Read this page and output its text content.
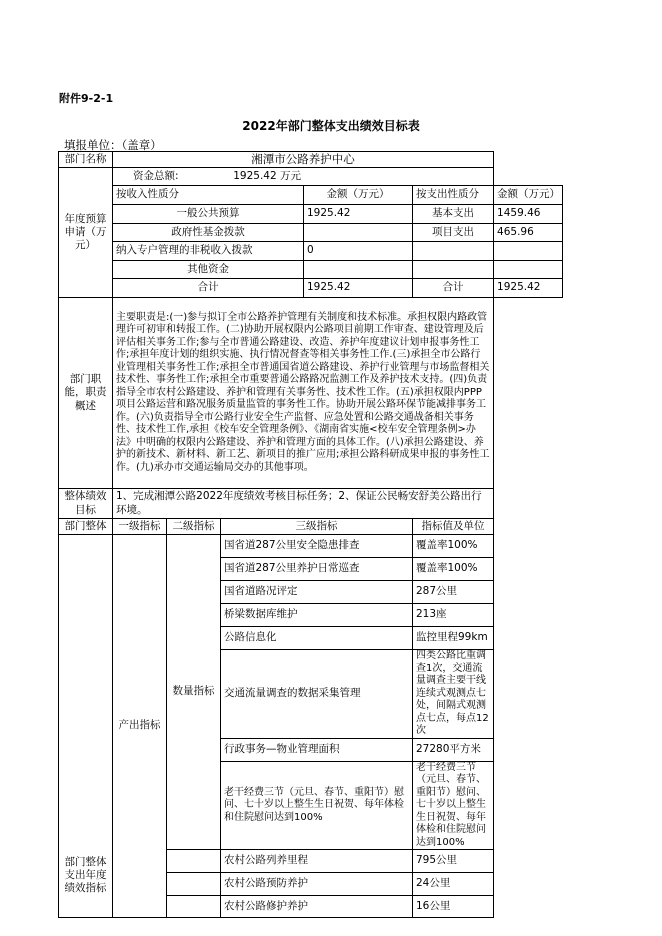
附件9-2-1
2022年部门整体支出绩效目标表
填报单位：（盖章）
部门名称	湘潭市公路养护中心					
年度预算申请（万元）	资金总额: 1925.42 万元					
	按收入性质分			金额（万元）	按支出性质分	金额（万元）
	一般公共预算			1925.42	基本支出	1459.46
	政府性基金拨款				项目支出	465.96
	纳入专户管理的非税收入拨款			0		
	其他资金					
	合计			1925.42	合计	1925.42
部门职能，职责概述	主要职责是:(一)参与拟订全市公路养护管理有关制度和技术标准。承担权限内路政管理许可初审和转报工作。(二)协助开展权限内公路项目前期工作审查、建设管理及后评估相关事务工作;参与全市普通公路建设、改造、养护年度建议计划申报事务性工作;承担年度计划的组织实施、执行情况督查等相关事务性工作.(三)承担全市公路行业管理相关事务性工作;承担全市普通国省道公路建设、养护行业管理与市场监督相关技术性、事务性工作;承担全市重要普通公路路况监测工作及养护技术支持。(四)负责指导全市农村公路建设、养护和管理有关事务性、技术性工作。(五)承担权限内PPP项目公路运营和路况服务质量监管的事务性工作。协助开展公路环保节能减排事务工作。(六)负责指导全市公路行业安全生产监督、应急处置和公路交通战备相关事务性、技术性工作,承担《校车安全管理条例》、《湖南省实施<校车安全管理条例>办法》中明确的权限内公路建设、养护和管理方面的具体工作。(八)承担公路建设、养护的新技术、新材料、新工艺、新项目的推广应用;承担公路科研成果申报的事务性工作。(九)承办市交通运输局交办的其他事项。					
整体绩效目标	1、完成湘潭公路2022年度绩效考核目标任务；2、保证公民畅安舒美公路出行环境。					
部门整体	一级指标	二级指标	三级指标		指标值及单位	
部门整体支出年度绩效指标	产出指标	数量指标	国省道287公里安全隐患排查		覆盖率100%	
			国省道287公里养护日常巡查		覆盖率100%	
			国省道路况评定		287公里	
			桥梁数据库维护		213座	
			公路信息化		监控里程99km	
			交通流量调查的数据采集管理		四类公路比重调查1次，交通流量调查主要干线连续式观测点七处，间隔式观测点七点，每点12次	
			行政事务—物业管理面积		27280平方米	
			老干经费三节（元旦、春节、重阳节）慰问、七十岁以上整生生日祝贺、每年体检和住院慰问达到100%		老干经费三节（元旦、春节、重阳节）慰问、七十岁以上整生生日祝贺、每年体检和住院慰问达到100%	
			农村公路列养里程		795公里	
			农村公路预防养护		24公里	
			农村公路修护养护		16公里	
